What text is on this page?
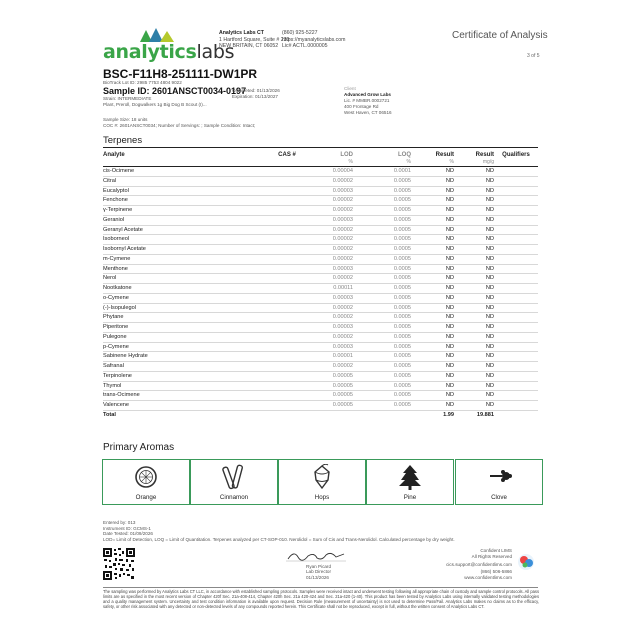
analyticslabs
Analytics Labs CT
1 Hartford Square, Suite # 230
NEW BRITAIN, CT 06052
(860) 925-5227
https://myanalyticslabs.com
Lic# ACTL.0000005
Certificate of Analysis
3 of 5
BSC-F11H8-251111-DW1PR
BioTrack Lot ID: 2985 7753 4804 9022
Sample ID: 2601ANSCT0034-0197
Strain: INTERMEDIATE
Plant, Preroll, Dogwalkers 1g Big Dog B Scout (I)...
Completed: 01/13/2026
Expiration: 01/13/2027
Client
Advanced Grow Labs
Lic. # MMBR.0002721
400 Frontage Rd
West Haven, CT 06516
Sample Size: 18 units
COC #: 2601ANSCT0034; Number of Servings: ; Sample Condition: Intact;
Terpenes
Analyte	CAS #	LOD	LOQ	Result	Result	Qualifiers
		%	%	%	mg/g	
cis-Ocimene		0.00004	0.0001	ND	ND	
Citral		0.00002	0.0005	ND	ND	
Eucalyptol		0.00003	0.0005	ND	ND	
Fenchone		0.00002	0.0005	ND	ND	
γ-Terpinene		0.00002	0.0005	ND	ND	
Geraniol		0.00003	0.0005	ND	ND	
Geranyl Acetate		0.00002	0.0005	ND	ND	
Isoborneol		0.00002	0.0005	ND	ND	
Isobornyl Acetate		0.00002	0.0005	ND	ND	
m-Cymene		0.00002	0.0005	ND	ND	
Menthone		0.00003	0.0005	ND	ND	
Nerol		0.00002	0.0005	ND	ND	
Nootkatone		0.00011	0.0005	ND	ND	
o-Cymene		0.00003	0.0005	ND	ND	
(-)-Isopulegol		0.00002	0.0005	ND	ND	
Phytane		0.00002	0.0005	ND	ND	
Piperitone		0.00003	0.0005	ND	ND	
Pulegone		0.00002	0.0005	ND	ND	
p-Cymene		0.00003	0.0005	ND	ND	
Sabinene Hydrate		0.00001	0.0005	ND	ND	
Safranal		0.00002	0.0005	ND	ND	
Terpinolene		0.00005	0.0005	ND	ND	
Thymol		0.00005	0.0005	ND	ND	
trans-Ocimene		0.00005	0.0005	ND	ND	
Valencene		0.00005	0.0005	ND	ND	
Total				1.99	19.881	
Primary Aromas
Orange	Cinnamon	Hops	Pine	Clove
Entered by: 013
Instrument ID: GCMS-1
Date Tested: 01/09/2026
LOD= Limit of Detection, LOQ = Limit of Quantitation. Terpenes analyzed per CT-SOP-010. Nerolidol = Sum of Cis and Trans-Nerolidol. Calculated percentage by dry weight.
Ryan Picard
Lab Director
01/13/2026
Confident LIMS
All Rights Reserved
cics.support@confidentlims.com
(866) 506-5866
www.confidentlims.com
The sampling was performed by Analytics Labs CT LLC, in accordance with established sampling protocols. Samples were received intact and underwent testing following all appropriate chain of custody and sample control protocols. All pass limits are as specified in the most recent version of Chapter 420f Sec. 21a-408-414, Chapter 420h Sec. 21a 420-424 and Sec. 21a-420 (1-40). This product has been tested by Analytics Labs using internally validated testing methodologies and a quality management system. Uncertainty and test condition information is available upon request. Decision Rule (measurement of uncertainty) is not used to determine Pass/Fail. Analytics Labs makes no claims as to the efficacy, safety, or other risk associated with any detected or non-detected levels of any compounds reported herein. This Certificate shall not be reproduced, except in full, without the written consent of Analytics Labs CT.
